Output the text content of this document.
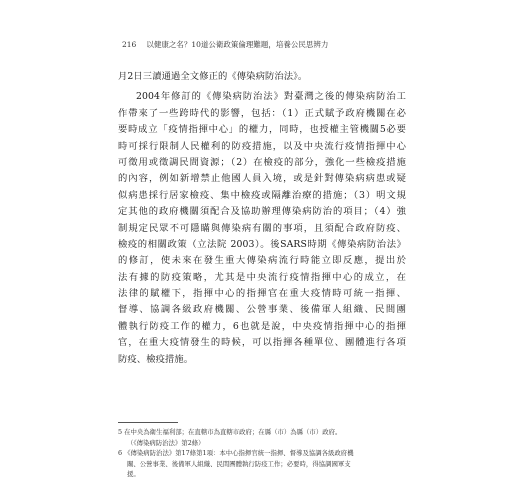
216 以健康之名？10道公衛政策倫理難題，培養公民思辨力
月2日三讀通過全文修正的《傳染病防治法》。
2004年修訂的《傳染病防治法》對臺灣之後的傳染病防治工
作帶來了一些跨時代的影響，包括：（1）正式賦予政府機關在必
要時成立「疫情指揮中心」的權力，同時，也授權主管機關5必要
時可採行限制人民權利的防疫措施，以及中央流行疫情指揮中心
可徵用或徵調民間資源；（2）在檢疫的部分，強化一些檢疫措施
的內容，例如新增禁止他國人員入境，或是針對傳染病病患或疑
似病患採行居家檢疫、集中檢疫或隔離治療的措施；（3）明文規
定其他的政府機關須配合及協助辦理傳染病防治的項目；（4）強
制規定民眾不可隱瞞與傳染病有關的事項，且須配合政府防疫、
檢疫的相關政策（立法院 2003）。後SARS時期《傳染病防治法》
的修訂，使未來在發生重大傳染病流行時能立即反應，提出於
法有據的防疫策略，尤其是中央流行疫情指揮中心的成立，在
法律的賦權下，指揮中心的指揮官在重大疫情時可統一指揮、
督導、協調各級政府機關、公營事業、後備軍人組織、民間團
體執行防疫工作的權力，6也就是說，中央疫情指揮中心的指揮
官，在重大疫情發生的時候，可以指揮各種單位、團體進行各項
防疫、檢疫措施。
5 在中央為衛生福利部；在直轄市為直轄市政府；在縣（市）為縣（市）政府。
（《傳染病防治法》第2條）
6 《傳染病防治法》第17條第1項：本中心指揮官統一指揮、督導及協調各級政府機
關、公營事業、後備軍人組織、民間團體執行防疫工作；必要時，得協調國軍支
援。
